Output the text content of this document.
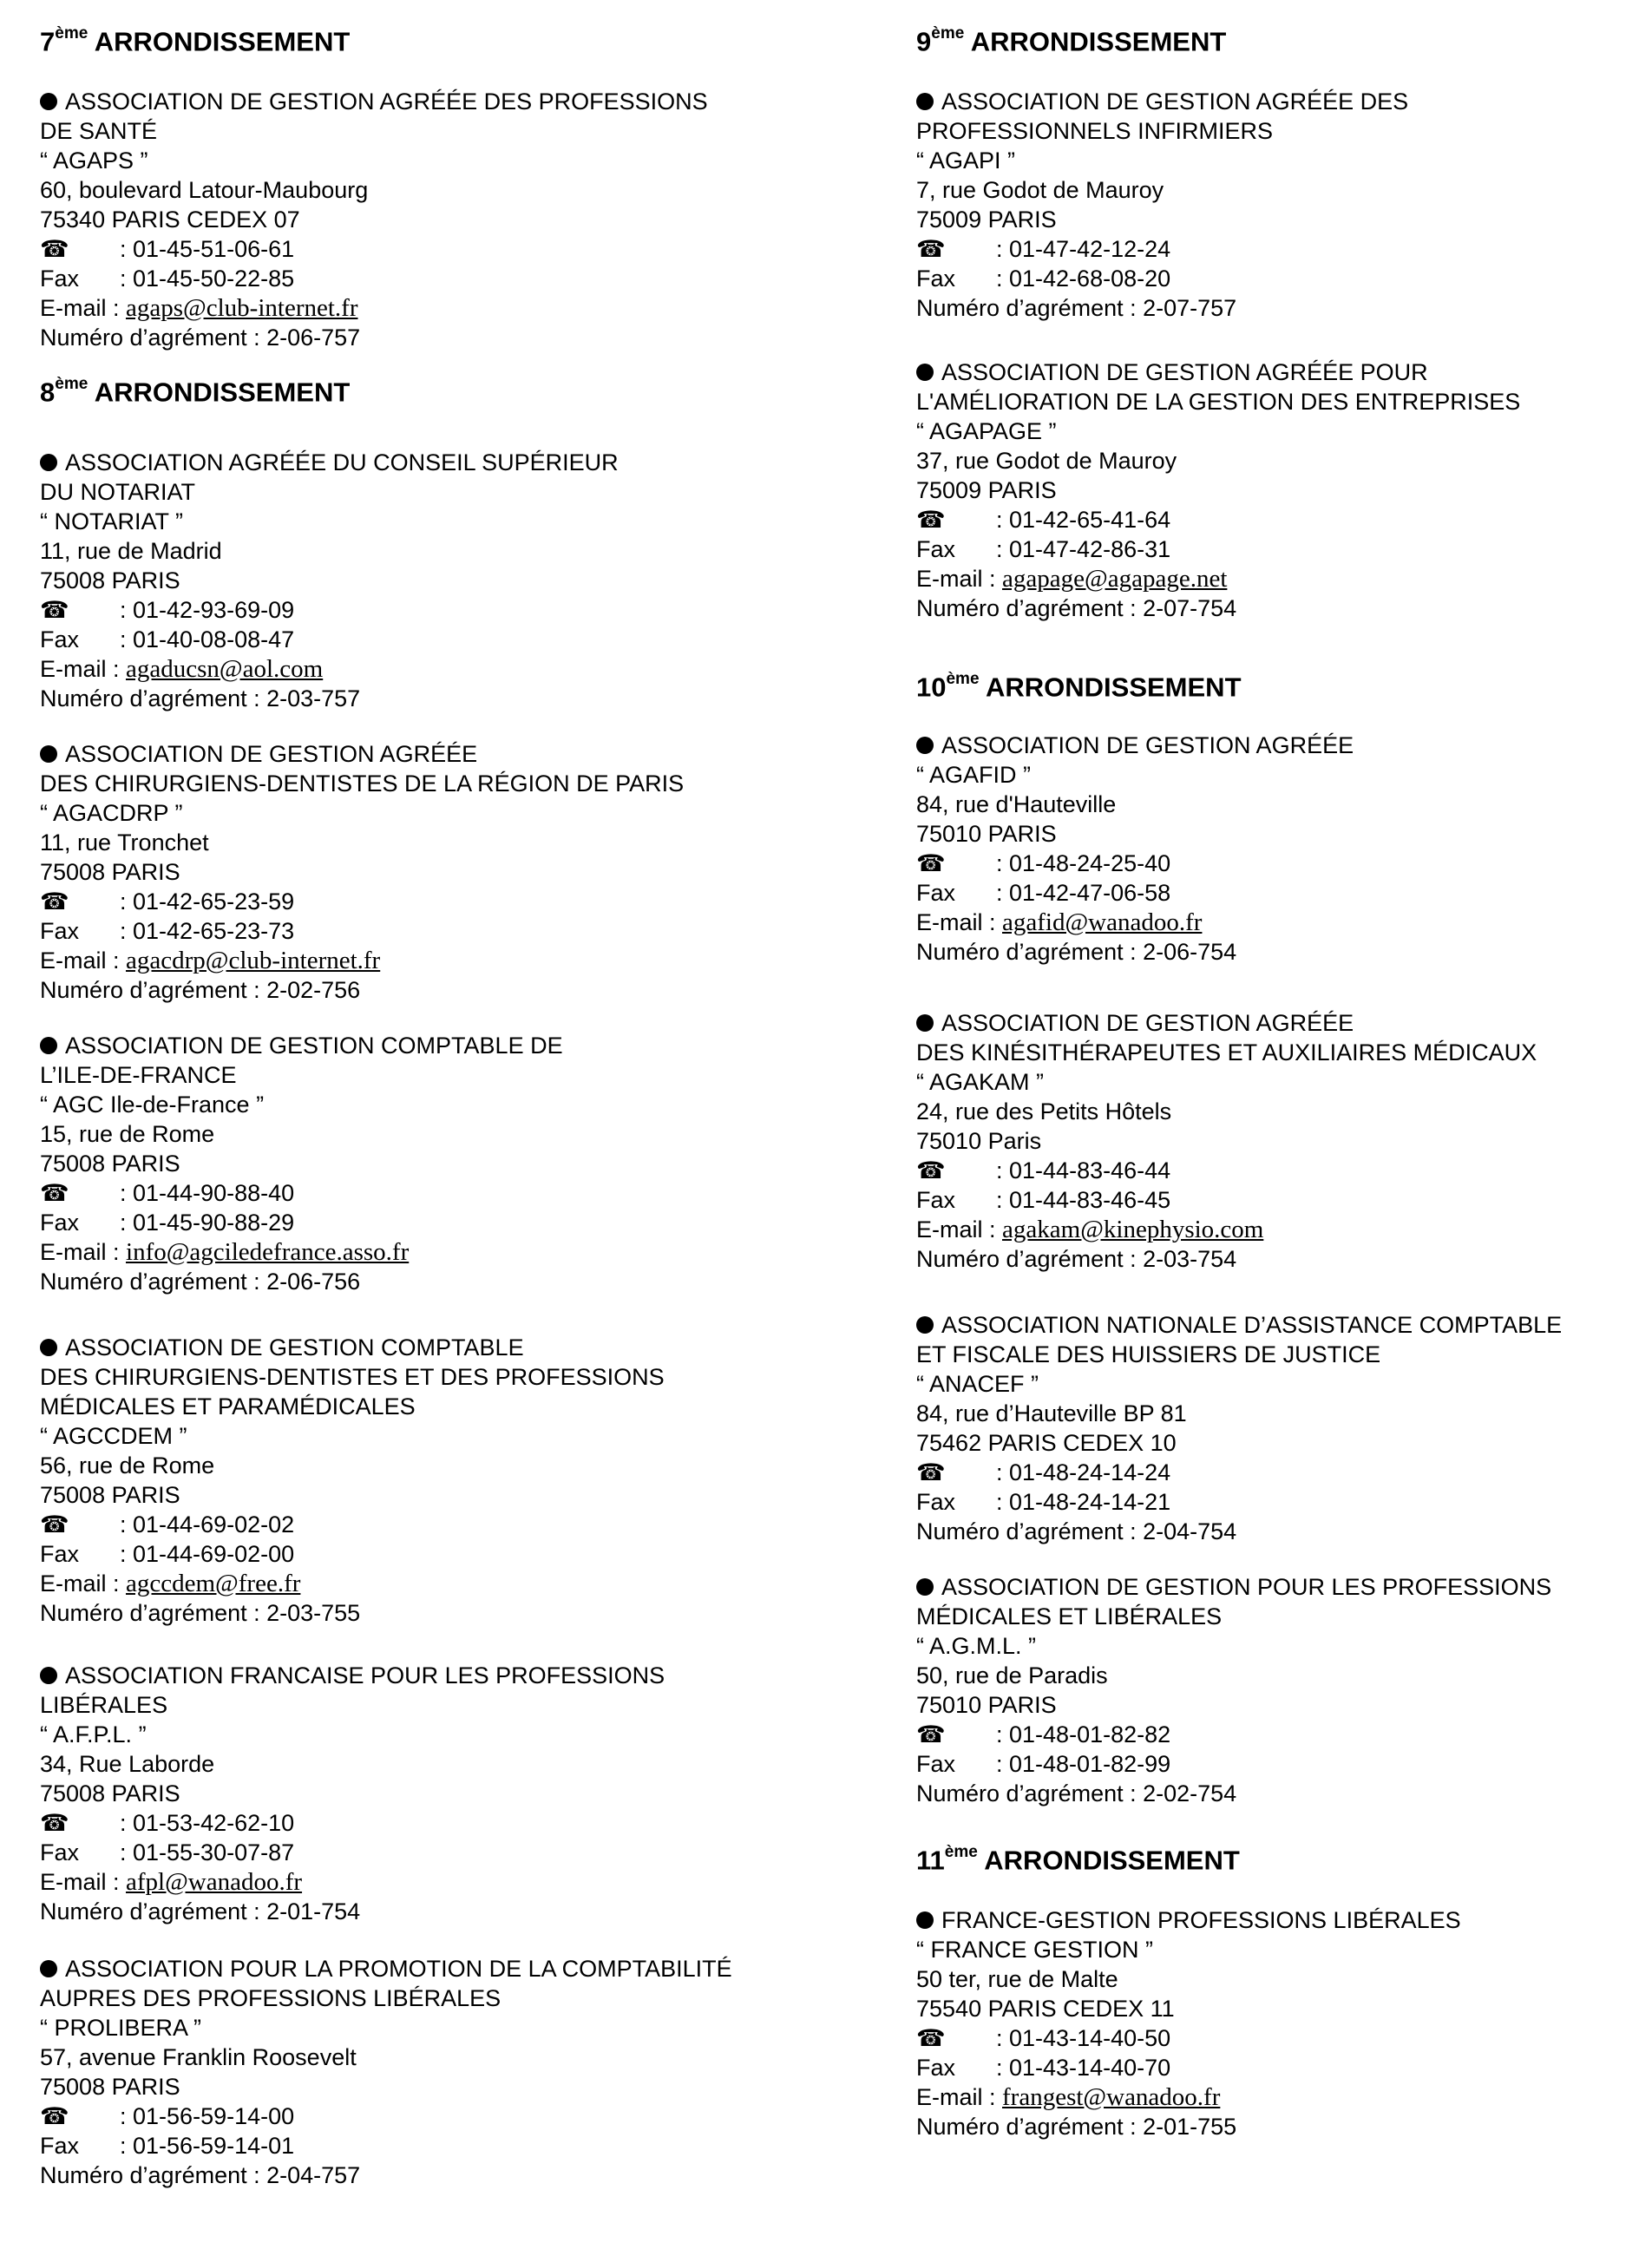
7ème ARRONDISSEMENT
ASSOCIATION DE GESTION AGRÉÉE DES PROFESSIONS
DE SANTÉ
“ AGAPS ”
60, boulevard Latour-Maubourg
75340 PARIS CEDEX 07
☎ : 01-45-51-06-61
Fax : 01-45-50-22-85
E-mail : agaps@club-internet.fr
Numéro d’agrément : 2-06-757
8ème ARRONDISSEMENT
ASSOCIATION AGRÉÉE DU CONSEIL SUPÉRIEUR
DU NOTARIAT
“ NOTARIAT ”
11, rue de Madrid
75008 PARIS
☎ : 01-42-93-69-09
Fax : 01-40-08-08-47
E-mail : agaducsn@aol.com
Numéro d’agrément : 2-03-757
ASSOCIATION DE GESTION AGRÉÉE
DES CHIRURGIENS-DENTISTES DE LA RÉGION DE PARIS
“ AGACDRP ”
11, rue Tronchet
75008 PARIS
☎ : 01-42-65-23-59
Fax : 01-42-65-23-73
E-mail : agacdrp@club-internet.fr
Numéro d’agrément : 2-02-756
ASSOCIATION DE GESTION COMPTABLE DE
L’ILE-DE-FRANCE
“ AGC Ile-de-France ”
15, rue de Rome
75008 PARIS
☎ : 01-44-90-88-40
Fax : 01-45-90-88-29
E-mail : info@agciledefrance.asso.fr
Numéro d’agrément : 2-06-756
ASSOCIATION DE GESTION COMPTABLE
DES CHIRURGIENS-DENTISTES ET DES PROFESSIONS
MÉDICALES ET PARAMÉDICALES
“ AGCCDEM ”
56, rue de Rome
75008 PARIS
☎ : 01-44-69-02-02
Fax : 01-44-69-02-00
E-mail : agccdem@free.fr
Numéro d’agrément : 2-03-755
ASSOCIATION FRANCAISE POUR LES PROFESSIONS
LIBÉRALES
“ A.F.P.L. ”
34, Rue Laborde
75008 PARIS
☎ : 01-53-42-62-10
Fax : 01-55-30-07-87
E-mail : afpl@wanadoo.fr
Numéro d’agrément : 2-01-754
ASSOCIATION POUR LA PROMOTION DE LA COMPTABILITÉ
AUPRES DES PROFESSIONS LIBÉRALES
“ PROLIBERA ”
57, avenue Franklin Roosevelt
75008 PARIS
☎ : 01-56-59-14-00
Fax : 01-56-59-14-01
Numéro d’agrément : 2-04-757
9ème ARRONDISSEMENT
ASSOCIATION DE GESTION AGRÉÉE DES
PROFESSIONNELS INFIRMIERS
“ AGAPI ”
7, rue Godot de Mauroy
75009 PARIS
☎ : 01-47-42-12-24
Fax : 01-42-68-08-20
Numéro d’agrément : 2-07-757
ASSOCIATION DE GESTION AGRÉÉE POUR
L'AMÉLIORATION DE LA GESTION DES ENTREPRISES
“ AGAPAGE ”
37, rue Godot de Mauroy
75009 PARIS
☎ : 01-42-65-41-64
Fax : 01-47-42-86-31
E-mail : agapage@agapage.net
Numéro d’agrément : 2-07-754
10ème ARRONDISSEMENT
ASSOCIATION DE GESTION AGRÉÉE
“ AGAFID ”
84, rue d'Hauteville
75010 PARIS
☎ : 01-48-24-25-40
Fax : 01-42-47-06-58
E-mail : agafid@wanadoo.fr
Numéro d’agrément : 2-06-754
ASSOCIATION DE GESTION AGRÉÉE
DES KINÉSITHÉRAPEUTES ET AUXILIAIRES MÉDICAUX
“ AGAKAM ”
24, rue des Petits Hôtels
75010 Paris
☎ : 01-44-83-46-44
Fax : 01-44-83-46-45
E-mail : agakam@kinephysio.com
Numéro d’agrément : 2-03-754
ASSOCIATION NATIONALE D’ASSISTANCE COMPTABLE
ET FISCALE DES HUISSIERS DE JUSTICE
“ ANACEF ”
84, rue d’Hauteville BP 81
75462 PARIS CEDEX 10
☎ : 01-48-24-14-24
Fax : 01-48-24-14-21
Numéro d’agrément : 2-04-754
ASSOCIATION DE GESTION POUR LES PROFESSIONS
MÉDICALES ET LIBÉRALES
“ A.G.M.L. ”
50, rue de Paradis
75010 PARIS
☎ : 01-48-01-82-82
Fax : 01-48-01-82-99
Numéro d’agrément : 2-02-754
11ème ARRONDISSEMENT
FRANCE-GESTION PROFESSIONS LIBÉRALES
“ FRANCE GESTION ”
50 ter, rue de Malte
75540 PARIS CEDEX 11
☎ : 01-43-14-40-50
Fax : 01-43-14-40-70
E-mail : frangest@wanadoo.fr
Numéro d’agrément : 2-01-755
